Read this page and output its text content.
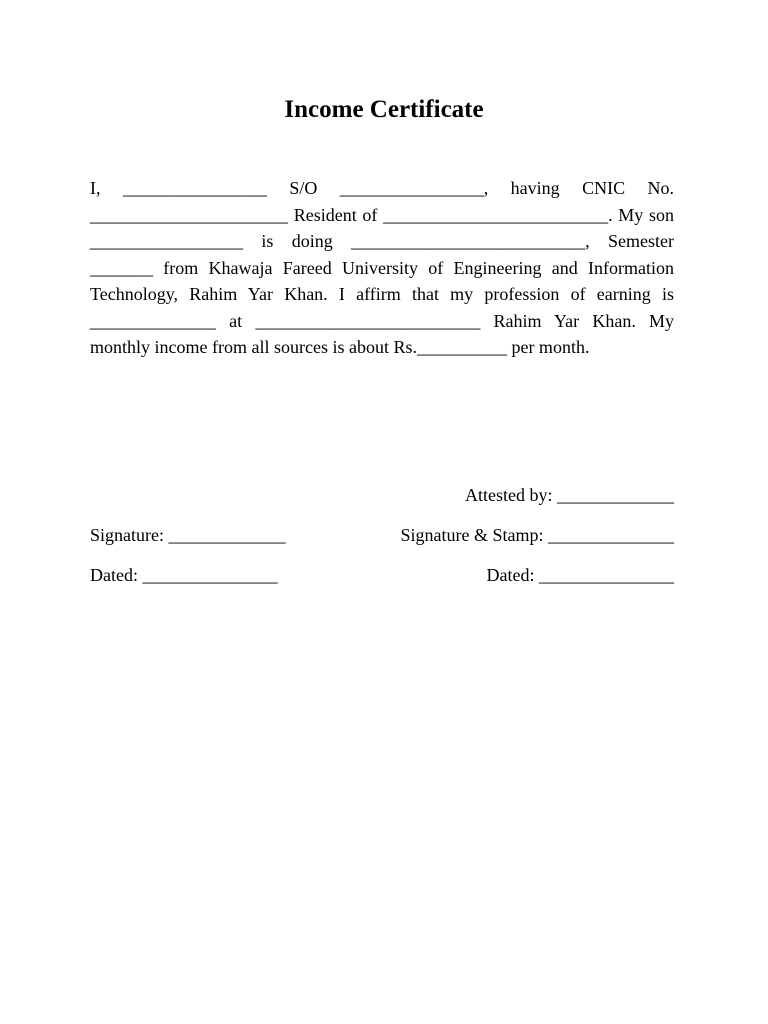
Income Certificate

I, ________________ S/O ________________, having CNIC No. ______________________ Resident of _________________________. My son _________________ is doing __________________________, Semester _______ from Khawaja Fareed University of Engineering and Information Technology, Rahim Yar Khan. I affirm that my profession of earning is ______________ at _________________________ Rahim Yar Khan. My monthly income from all sources is about Rs.__________ per month.

Attested by: _____________
Signature: _____________	Signature & Stamp: ______________
Dated: _______________	Dated: _______________
